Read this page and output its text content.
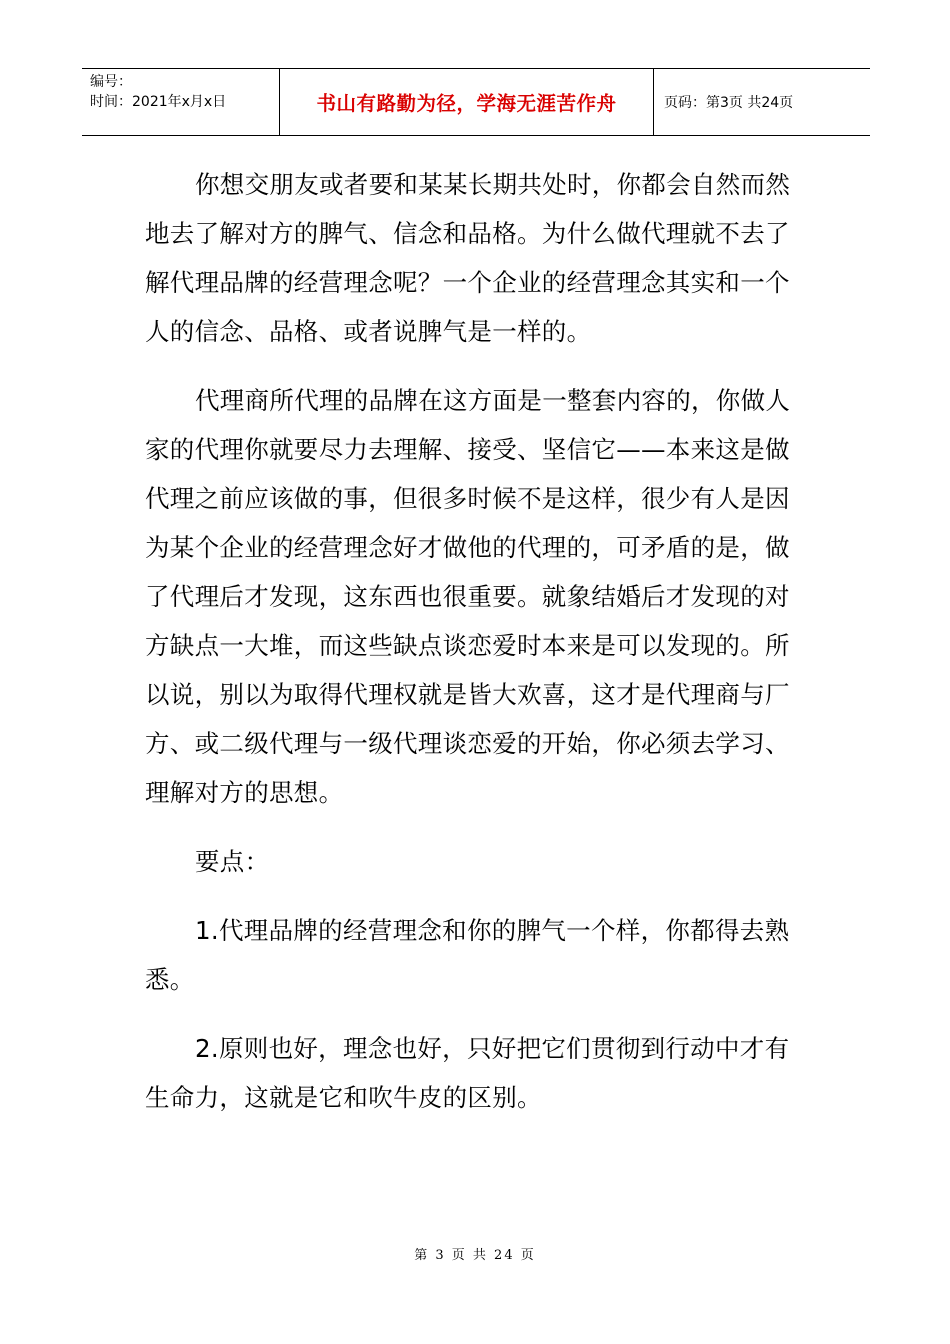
编号：
时间：2021年x月x日	书山有路勤为径，学海无涯苦作舟	页码：第3页 共24页

你想交朋友或者要和某某长期共处时，你都会自然而然地去了解对方的脾气、信念和品格。为什么做代理就不去了解代理品牌的经营理念呢？一个企业的经营理念其实和一个人的信念、品格、或者说脾气是一样的。

代理商所代理的品牌在这方面是一整套内容的，你做人家的代理你就要尽力去理解、接受、坚信它——本来这是做代理之前应该做的事，但很多时候不是这样，很少有人是因为某个企业的经营理念好才做他的代理的，可矛盾的是，做了代理后才发现，这东西也很重要。就象结婚后才发现的对方缺点一大堆，而这些缺点谈恋爱时本来是可以发现的。所以说，别以为取得代理权就是皆大欢喜，这才是代理商与厂方、或二级代理与一级代理谈恋爱的开始，你必须去学习、理解对方的思想。

要点：

1.代理品牌的经营理念和你的脾气一个样，你都得去熟悉。

2.原则也好，理念也好，只好把它们贯彻到行动中才有生命力，这就是它和吹牛皮的区别。

第 3 页 共 24 页
